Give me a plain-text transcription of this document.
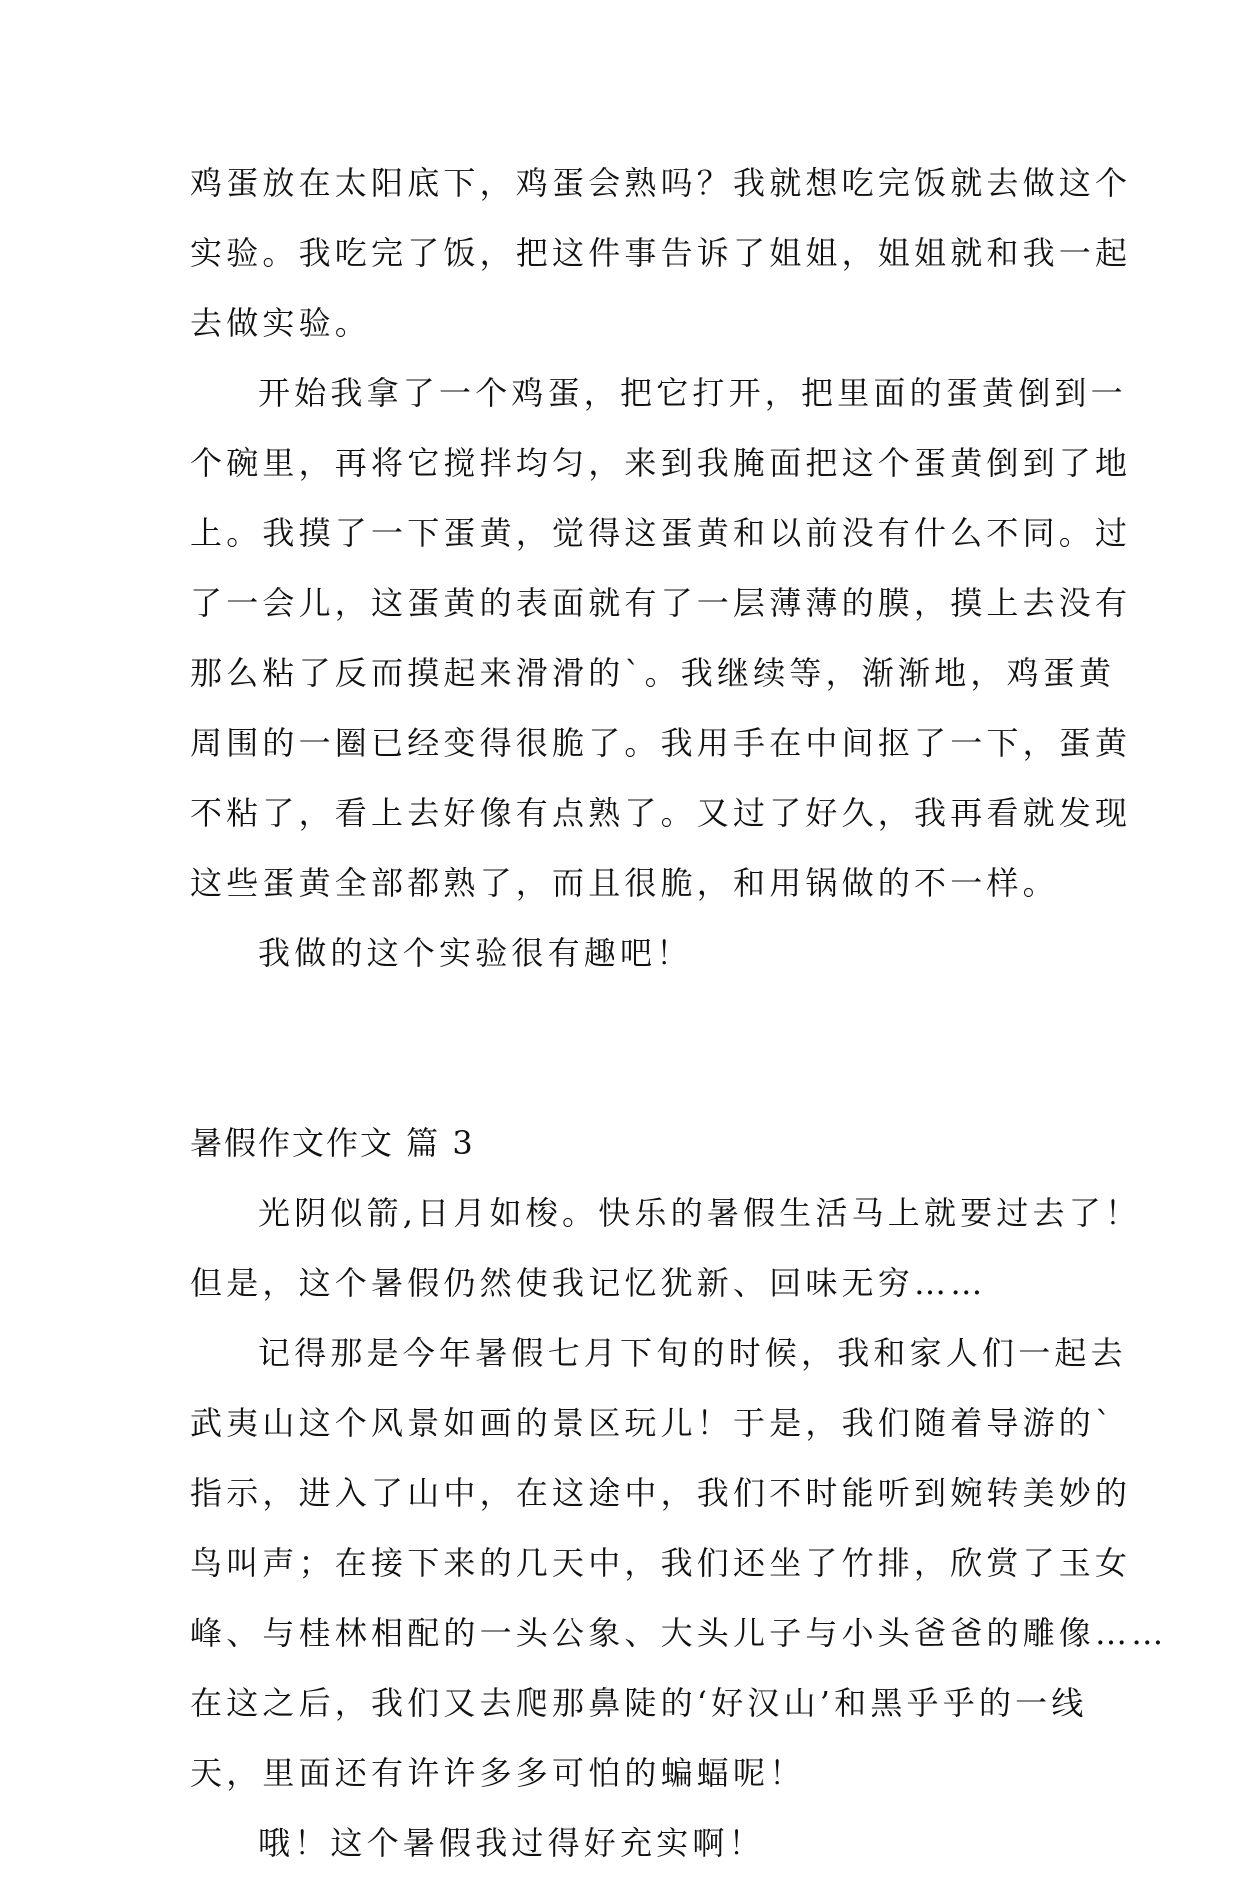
鸡蛋放在太阳底下，鸡蛋会熟吗？我就想吃完饭就去做这个
实验。我吃完了饭，把这件事告诉了姐姐，姐姐就和我一起
去做实验。
开始我拿了一个鸡蛋，把它打开，把里面的蛋黄倒到一
个碗里，再将它搅拌均匀，来到我腌面把这个蛋黄倒到了地
上。我摸了一下蛋黄，觉得这蛋黄和以前没有什么不同。过
了一会儿，这蛋黄的表面就有了一层薄薄的膜，摸上去没有
那么粘了反而摸起来滑滑的`。我继续等，渐渐地，鸡蛋黄
周围的一圈已经变得很脆了。我用手在中间抠了一下，蛋黄
不粘了，看上去好像有点熟了。又过了好久，我再看就发现
这些蛋黄全部都熟了，而且很脆，和用锅做的不一样。
我做的这个实验很有趣吧！
暑假作文作文 篇 3
光阴似箭,日月如梭。快乐的暑假生活马上就要过去了！
但是，这个暑假仍然使我记忆犹新、回味无穷……
记得那是今年暑假七月下旬的时候，我和家人们一起去
武夷山这个风景如画的景区玩儿！于是，我们随着导游的`
指示，进入了山中，在这途中，我们不时能听到婉转美妙的
鸟叫声；在接下来的几天中，我们还坐了竹排，欣赏了玉女
峰、与桂林相配的一头公象、大头儿子与小头爸爸的雕像……
在这之后，我们又去爬那鼻陡的‘好汉山’和黑乎乎的一线
天，里面还有许许多多可怕的蝙蝠呢！
哦！这个暑假我过得好充实啊！
